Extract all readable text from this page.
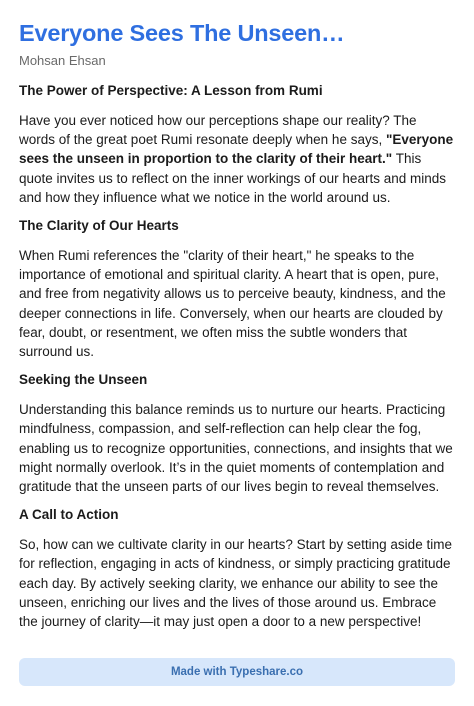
Everyone Sees The Unseen…
Mohsan Ehsan
The Power of Perspective: A Lesson from Rumi

Have you ever noticed how our perceptions shape our reality? The words of the great poet Rumi resonate deeply when he says, "Everyone sees the unseen in proportion to the clarity of their heart." This quote invites us to reflect on the inner workings of our hearts and minds and how they influence what we notice in the world around us.

The Clarity of Our Hearts

When Rumi references the "clarity of their heart," he speaks to the importance of emotional and spiritual clarity. A heart that is open, pure, and free from negativity allows us to perceive beauty, kindness, and the deeper connections in life. Conversely, when our hearts are clouded by fear, doubt, or resentment, we often miss the subtle wonders that surround us.

Seeking the Unseen

Understanding this balance reminds us to nurture our hearts. Practicing mindfulness, compassion, and self-reflection can help clear the fog, enabling us to recognize opportunities, connections, and insights that we might normally overlook. It’s in the quiet moments of contemplation and gratitude that the unseen parts of our lives begin to reveal themselves.

A Call to Action

So, how can we cultivate clarity in our hearts? Start by setting aside time for reflection, engaging in acts of kindness, or simply practicing gratitude each day. By actively seeking clarity, we enhance our ability to see the unseen, enriching our lives and the lives of those around us. Embrace the journey of clarity—it may just open a door to a new perspective!

Made with Typeshare.co
